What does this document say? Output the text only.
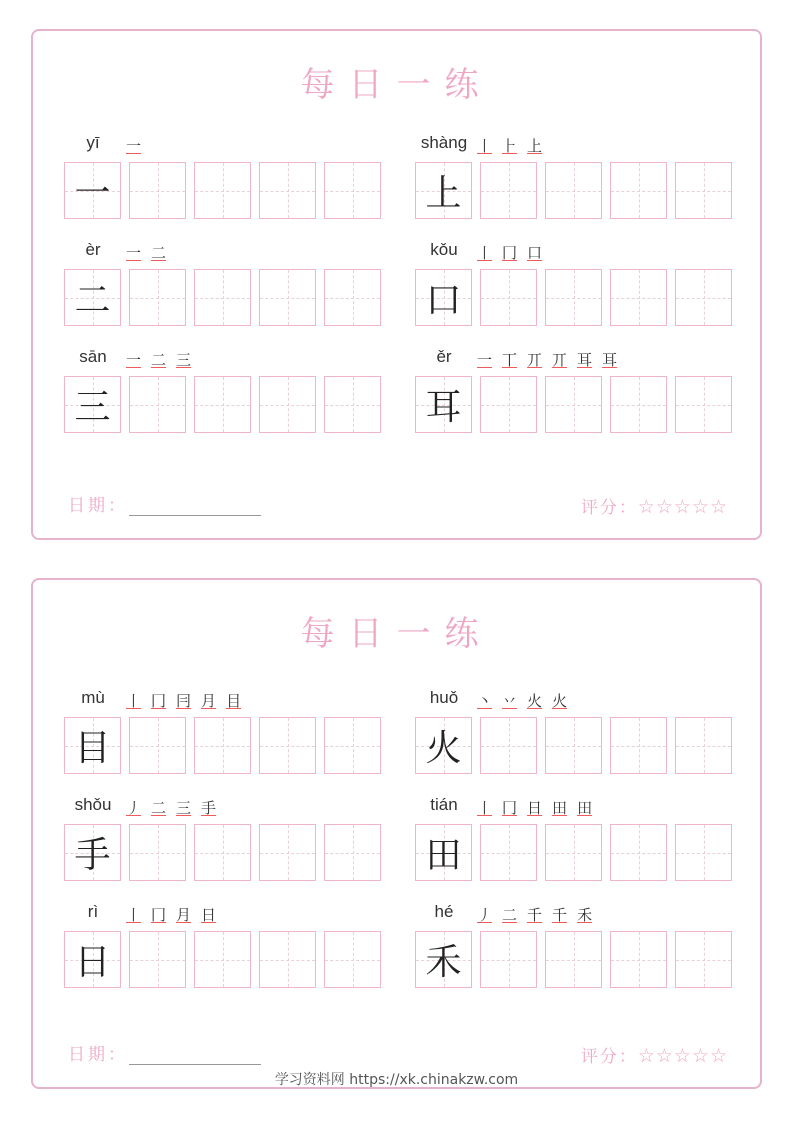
每日一练
yī	一
一
shàng 丨 ⺊ 上
上
èr	一 二
二
kǒu	丨 冂 口
口
sān	一 二 三
三
ěr	一 丅 丌 丌 耳 耳
耳
日期：	评分：☆☆☆☆☆
每日一练
mù	丨 冂 冃 月 目
目
huǒ	丶 丷 火 火
火
shǒu 丿 二 三 手
手
tián	丨 冂 日 田 田
田
rì	丨 冂 月 日
日
hé	丿 二 千 千 禾
禾
日期：	评分：☆☆☆☆☆
学习资料网 https://xk.chinakzw.com
